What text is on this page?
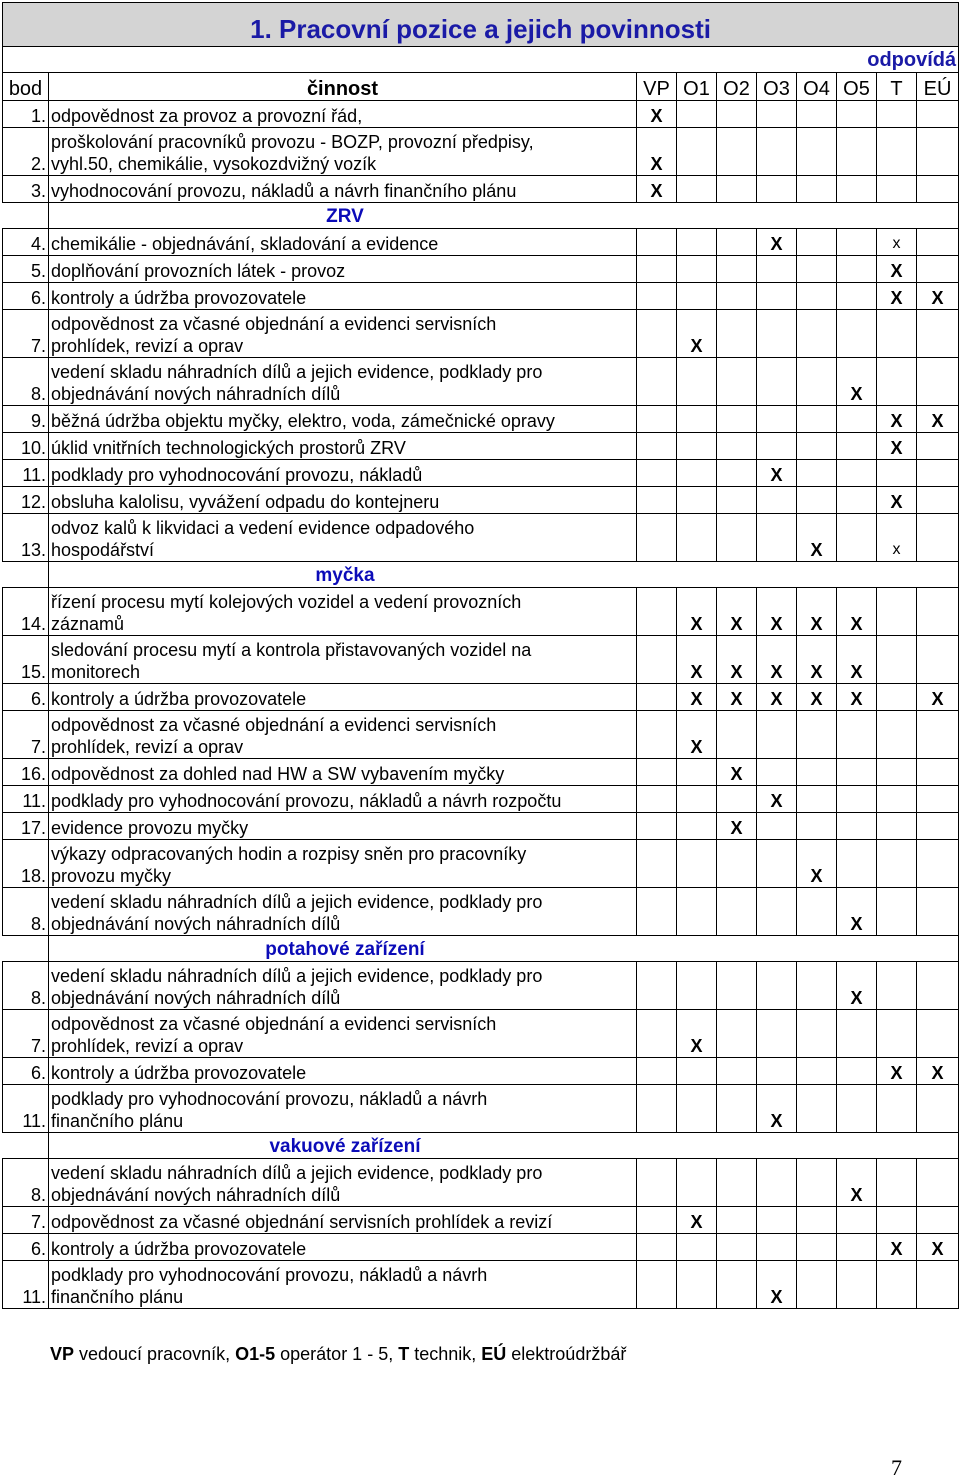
1. Pracovní pozice a jejich povinnosti									
odpovídá									
bod	činnost	VP	O1	O2	O3	O4	O5	T	EÚ
1.	odpovědnost za provoz a provozní řád,	X							
2.	proškolování pracovníků provozu - BOZP, provozní předpisy,
vyhl.50, chemikálie, vysokozdvižný vozík	X							
3.	vyhodnocování provozu, nákladů a návrh finančního plánu	X							

	ZRV								

4.	chemikálie - objednávání, skladování a evidence				X			x	
5.	doplňování provozních látek - provoz							X	
6.	kontroly a údržba provozovatele							X	X
7.	odpovědnost za včasné objednání a evidenci servisních
prohlídek, revizí a oprav		X						
8.	vedení skladu náhradních dílů a jejich evidence, podklady pro
objednávání nových náhradních dílů						X		
9.	běžná údržba objektu myčky, elektro, voda, zámečnické opravy							X	X
10.	úklid vnitřních technologických prostorů ZRV							X	
11.	podklady pro vyhodnocování provozu, nákladů				X				
12.	obsluha kalolisu, vyvážení odpadu do kontejneru							X	
13.	odvoz kalů k likvidaci a vedení evidence odpadového
hospodářství					X		x	

	myčka								

14.	řízení procesu mytí kolejových vozidel a vedení provozních
záznamů		X	X	X	X	X		
15.	sledování procesu mytí a kontrola přistavovaných vozidel na
monitorech		X	X	X	X	X		
6.	kontroly a údržba provozovatele		X	X	X	X	X		X
7.	odpovědnost za včasné objednání a evidenci servisních
prohlídek, revizí a oprav		X						
16.	odpovědnost za dohled nad HW a SW vybavením myčky			X					
11.	podklady pro vyhodnocování provozu, nákladů a návrh rozpočtu				X				
17.	evidence provozu myčky			X					
18.	výkazy odpracovaných hodin a rozpisy sněn pro pracovníky
provozu myčky					X			
8.	vedení skladu náhradních dílů a jejich evidence, podklady pro
objednávání nových náhradních dílů						X		

	potahové zařízení								

8.	vedení skladu náhradních dílů a jejich evidence, podklady pro
objednávání nových náhradních dílů						X		
7.	odpovědnost za včasné objednání a evidenci servisních
prohlídek, revizí a oprav		X						
6.	kontroly a údržba provozovatele							X	X
11.	podklady pro vyhodnocování provozu, nákladů a návrh
finančního plánu				X				

	vakuové zařízení								

8.	vedení skladu náhradních dílů a jejich evidence, podklady pro
objednávání nových náhradních dílů						X		
7.	odpovědnost za včasné objednání servisních prohlídek a revizí		X						
6.	kontroly a údržba provozovatele							X	X
11.	podklady pro vyhodnocování provozu, nákladů a návrh
finančního plánu				X				
VP vedoucí pracovník, O1-5 operátor 1 - 5, T technik, EÚ elektroúdržbář
7
